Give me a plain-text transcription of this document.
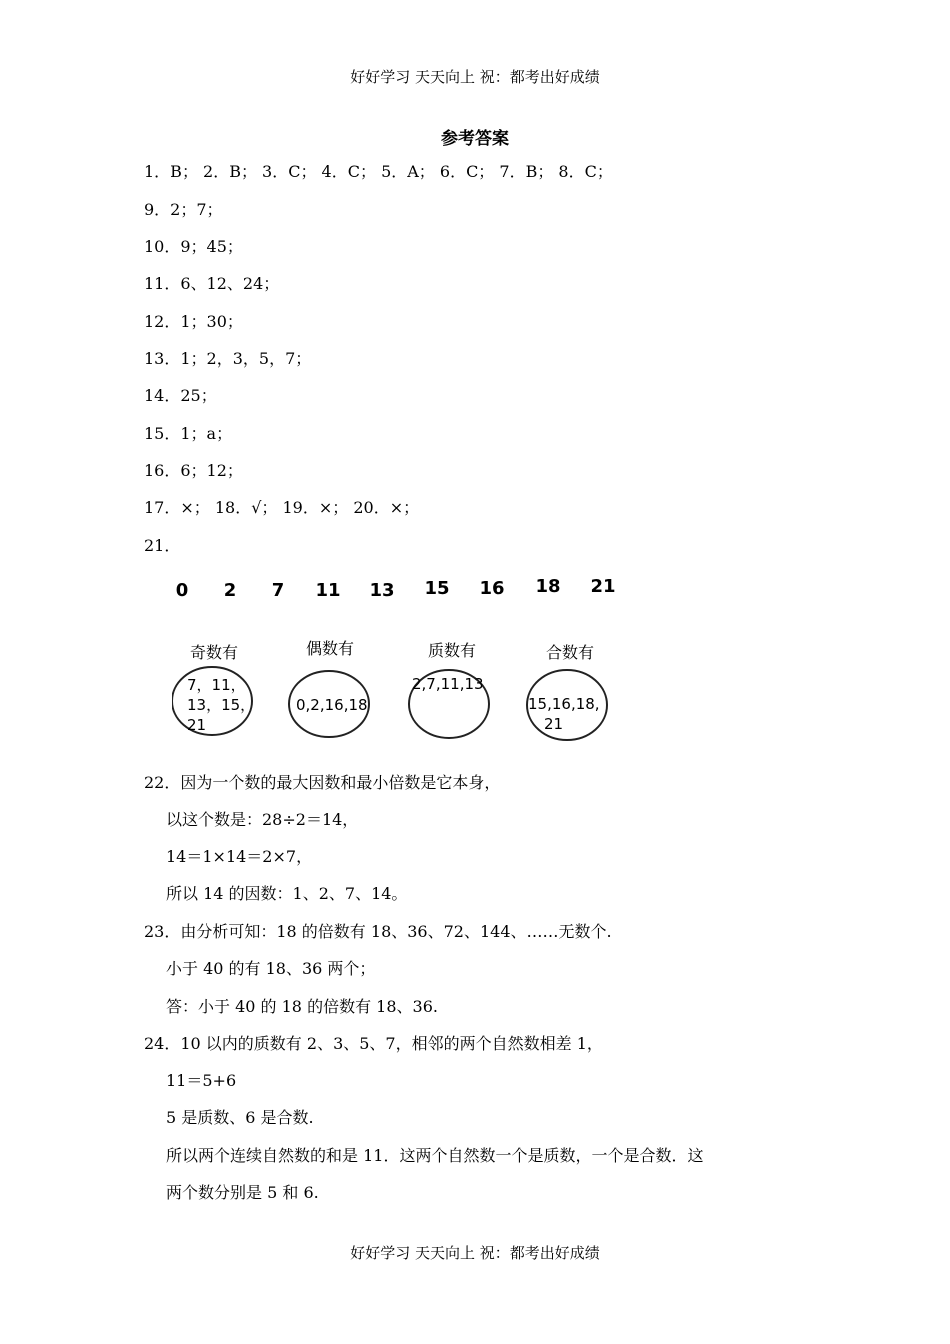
好好学习 天天向上 祝：都考出好成绩
参考答案
1．B； 2．B； 3．C； 4．C； 5．A； 6．C； 7．B； 8．C；
9．2；7；
10．9；45；
11．6、12、24；
12．1；30；
13．1；2，3，5，7；
14．25；
15．1；a；
16．6；12；
17．×； 18．√； 19．×； 20．×；
21．
0 2 7 11 13 15 16 18 21
奇数有	偶数有	质数有	合数有
7，11，
13，15，
21
0,2,16,18
2,7,11,13
15,16,18,
21
22．因为一个数的最大因数和最小倍数是它本身，
以这个数是：28÷2＝14，
14＝1×14＝2×7，
所以 14 的因数：1、2、7、14。
23．由分析可知：18 的倍数有 18、36、72、144、……无数个.
小于 40 的有 18、36 两个；
答：小于 40 的 18 的倍数有 18、36.
24．10 以内的质数有 2、3、5、7，相邻的两个自然数相差 1，
11＝5+6
5 是质数、6 是合数.
所以两个连续自然数的和是 11．这两个自然数一个是质数，一个是合数．这
两个数分别是 5 和 6.
好好学习 天天向上 祝：都考出好成绩
